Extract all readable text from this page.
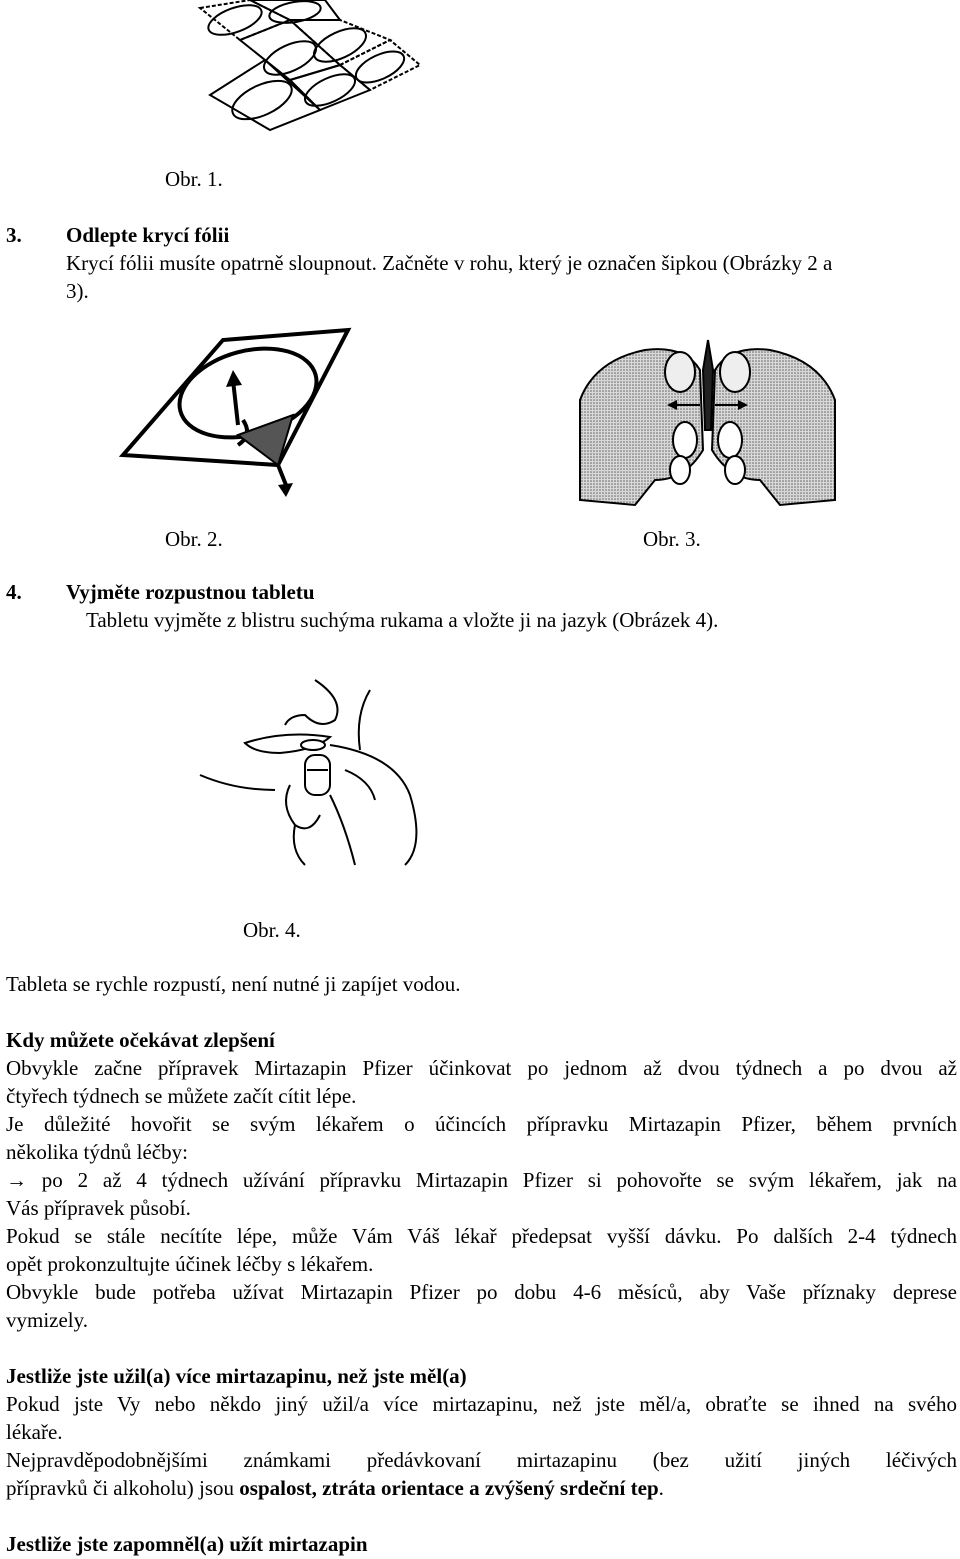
Obr. 1.
3. Odlepte krycí fólii
Krycí fólii musíte opatrně sloupnout. Začněte v rohu, který je označen šipkou (Obrázky 2 a
3).
Obr. 2.	Obr. 3.
4. Vyjměte rozpustnou tabletu
Tabletu vyjměte z blistru suchýma rukama a vložte ji na jazyk (Obrázek 4).
Obr. 4.
Tableta se rychle rozpustí, není nutné ji zapíjet vodou.
Kdy můžete očekávat zlepšení
Obvykle začne přípravek Mirtazapin Pfizer účinkovat po jednom až dvou týdnech a po dvou až
čtyřech týdnech se můžete začít cítit lépe.
Je důležité hovořit se svým lékařem o účincích přípravku Mirtazapin Pfizer, během prvních
několika týdnů léčby:
→ po 2 až 4 týdnech užívání přípravku Mirtazapin Pfizer si pohovořte se svým lékařem, jak na
Vás přípravek působí.
Pokud se stále necítíte lépe, může Vám Váš lékař předepsat vyšší dávku. Po dalších 2-4 týdnech
opět prokonzultujte účinek léčby s lékařem.
Obvykle bude potřeba užívat Mirtazapin Pfizer po dobu 4-6 měsíců, aby Vaše příznaky deprese
vymizely.
Jestliže jste užil(a) více mirtazapinu, než jste měl(a)
Pokud jste Vy nebo někdo jiný užil/a více mirtazapinu, než jste měl/a, obraťte se ihned na svého
lékaře.
Nejpravděpodobnějšími známkami předávkovaní mirtazapinu (bez užití jiných léčivých
přípravků či alkoholu) jsou ospalost, ztráta orientace a zvýšený srdeční tep.
Jestliže jste zapomněl(a) užít mirtazapin
